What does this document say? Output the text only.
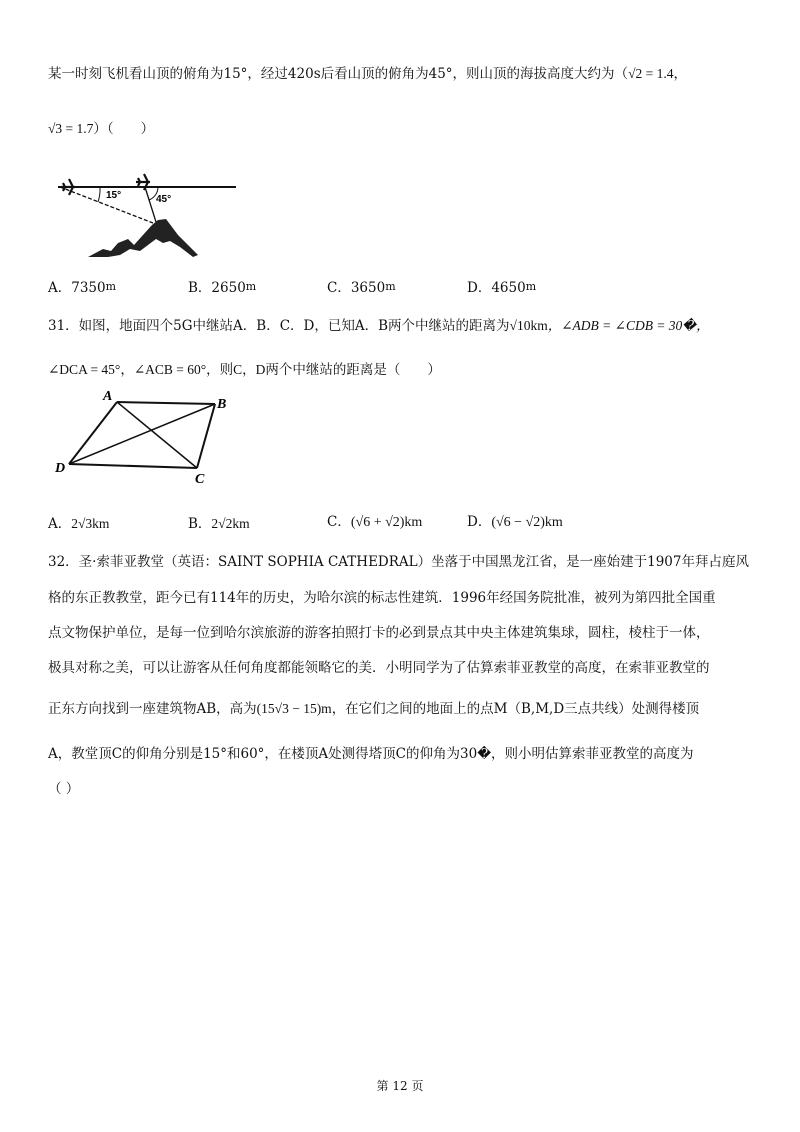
某一时刻飞机看山顶的俯角为15°，经过420s后看山顶的俯角为45°，则山顶的海拔高度大约为（√2 = 1.4，
√3 = 1.7）（　　）
15°	45°
A．7350m	B．2650m	C．3650m	D．4650m
31．如图，地面四个5G中继站A．B．C．D，已知A．B两个中继站的距离为√10km，∠ADB = ∠CDB = 30�，
∠DCA = 45°，∠ACB = 60°，则C，D两个中继站的距离是（　　）
A
B
C
D
A．2√3km	B．2√2km	C．(√6 + √2)km	D．(√6 − √2)km
32．圣·索菲亚教堂（英语：SAINT SOPHIA CATHEDRAL）坐落于中国黑龙江省，是一座始建于1907年拜占庭风
格的东正教教堂，距今已有114年的历史，为哈尔滨的标志性建筑．1996年经国务院批准，被列为第四批全国重
点文物保护单位，是每一位到哈尔滨旅游的游客拍照打卡的必到景点其中央主体建筑集球，圆柱，棱柱于一体，
极具对称之美，可以让游客从任何角度都能领略它的美．小明同学为了估算索菲亚教堂的高度，在索菲亚教堂的
正东方向找到一座建筑物AB，高为(15√3 − 15)m，在它们之间的地面上的点M（B,M,D三点共线）处测得楼顶
A，教堂顶C的仰角分别是15°和60°，在楼顶A处测得塔顶C的仰角为30�，则小明估算索菲亚教堂的高度为
（ ）
第 12 页
